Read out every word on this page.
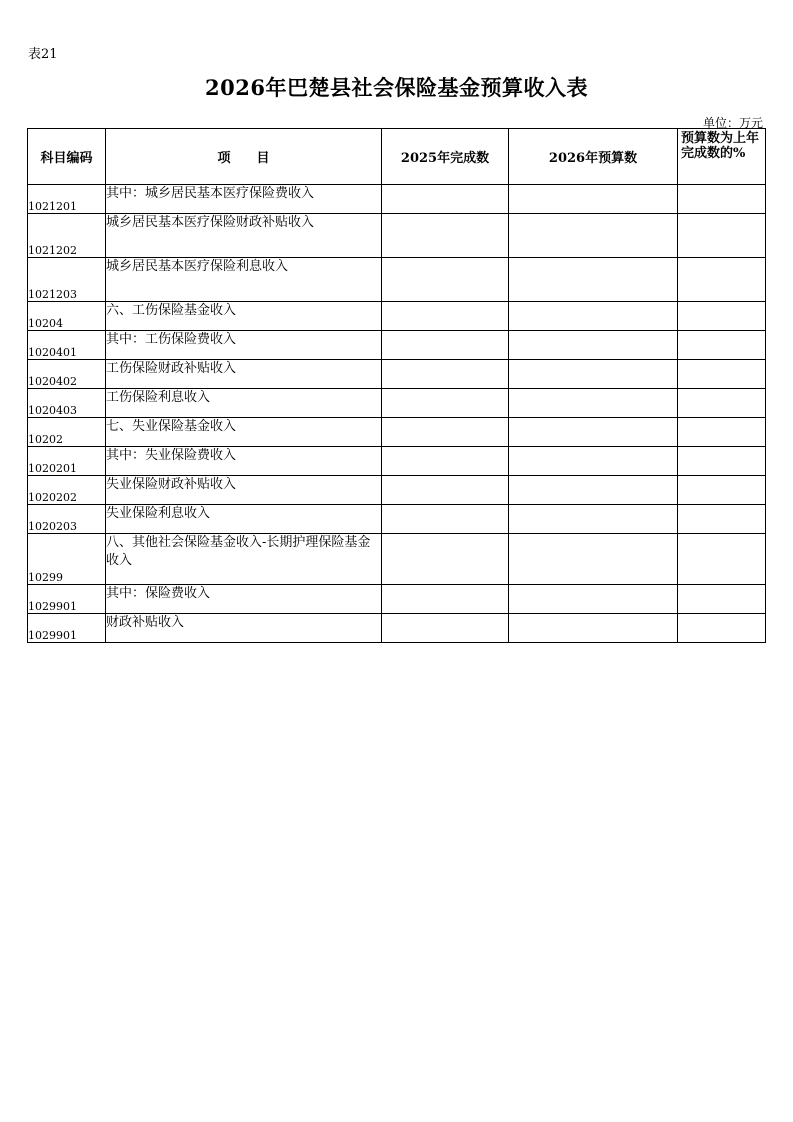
表21
2026年巴楚县社会保险基金预算收入表
单位：万元
科目编码	项　　目	2025年完成数	2026年预算数	预算数为上年完成数的%
1021201	其中：城乡居民基本医疗保险费收入			
1021202	城乡居民基本医疗保险财政补贴收入			
1021203	城乡居民基本医疗保险利息收入			
10204	六、工伤保险基金收入			
1020401	其中：工伤保险费收入			
1020402	工伤保险财政补贴收入			
1020403	工伤保险利息收入			
10202	七、失业保险基金收入			
1020201	其中：失业保险费收入			
1020202	失业保险财政补贴收入			
1020203	失业保险利息收入			
10299	八、其他社会保险基金收入-长期护理保险基金收入			
1029901	其中：保险费收入			
1029901	财政补贴收入			
